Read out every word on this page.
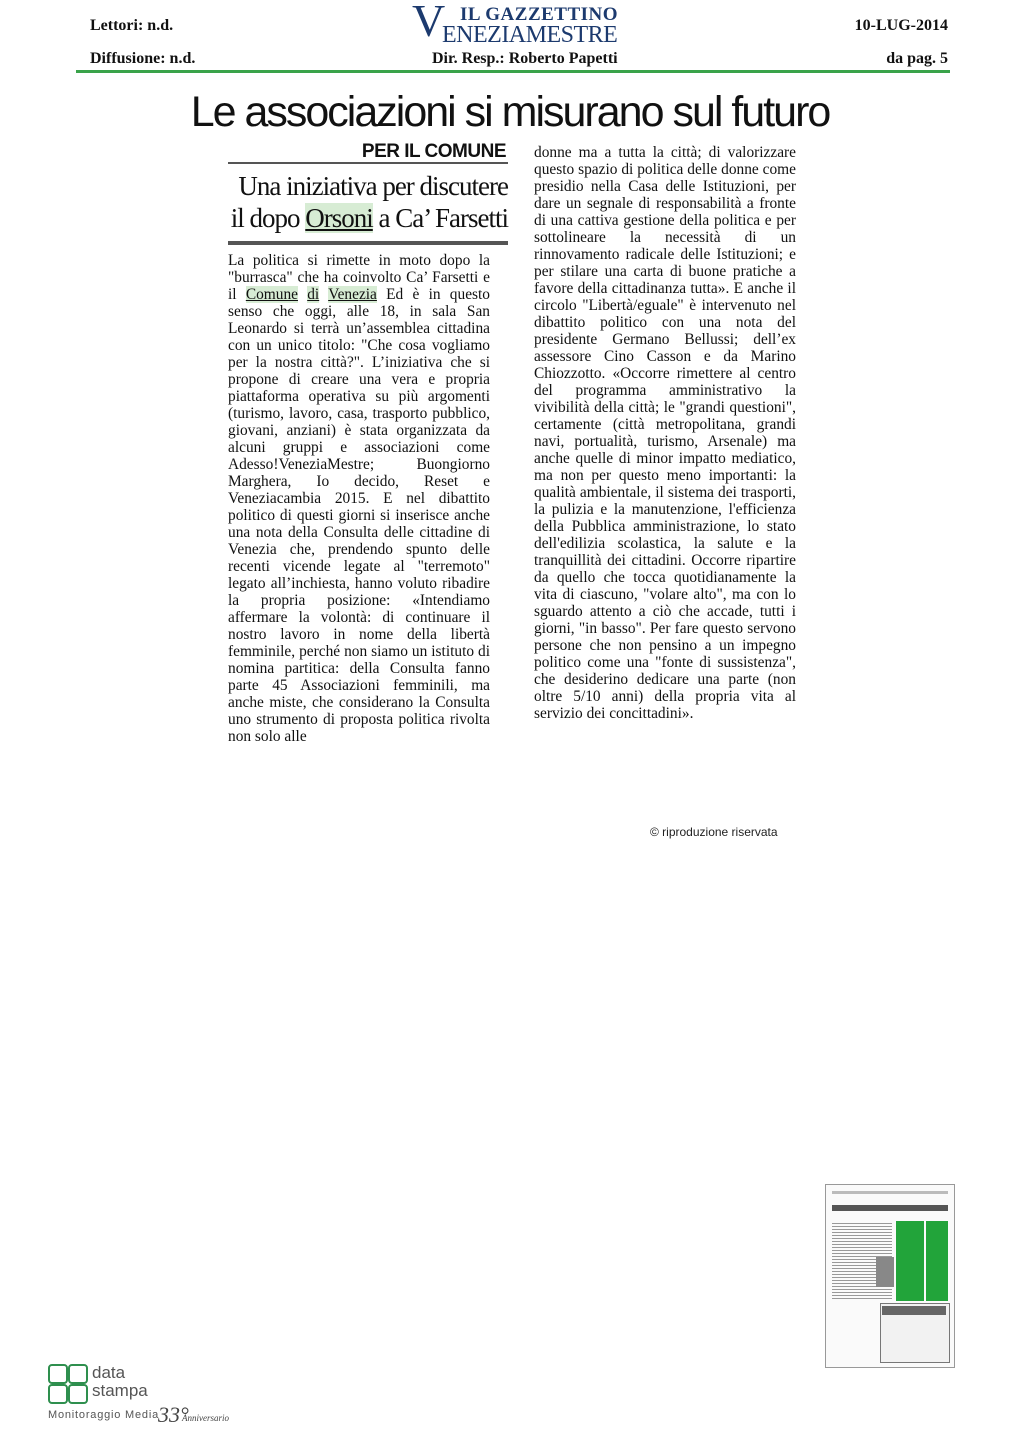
Lettori: n.d.
Diffusione: n.d.
V IL GAZZETTINO
ENEZIAMESTRE
Dir. Resp.: Roberto Papetti
10-LUG-2014
da pag. 5
Le associazioni si misurano sul futuro
PER IL COMUNE
Una iniziativa per discutere il dopo Orsoni a Ca’ Farsetti

La politica si rimette in moto dopo la "burrasca" che ha coinvolto Ca’ Farsetti e il Comune di Venezia Ed è in questo senso che oggi, alle 18, in sala San Leonardo si terrà un’assemblea cittadina con un unico titolo: "Che cosa vogliamo per la nostra città?". L’iniziativa che si propone di creare una vera e propria piattaforma operativa su più argomenti (turismo, lavoro, casa, trasporto pubblico, giovani, anziani) è stata organizzata da alcuni gruppi e associazioni come Adesso!VeneziaMestre; Buongiorno Marghera, Io decido, Reset e Veneziacambia 2015. E nel dibattito politico di questi giorni si inserisce anche una nota della Consulta delle cittadine di Venezia che, prendendo spunto delle recenti vicende legate al "terremoto" legato all’inchiesta, hanno voluto ribadire la propria posizione: «Intendiamo affermare la volontà: di continuare il nostro lavoro in nome della libertà femminile, perché non siamo un istituto di nomina partitica: della Consulta fanno parte 45 Associazioni femminili, ma anche miste, che considerano la Consulta uno strumento di proposta politica rivolta non solo alle

donne ma a tutta la città; di valorizzare questo spazio di politica delle donne come presidio nella Casa delle Istituzioni, per dare un segnale di responsabilità a fronte di una cattiva gestione della politica e per sottolineare la necessità di un rinnovamento radicale delle Istituzioni; e per stilare una carta di buone pratiche a favore della cittadinanza tutta». E anche il circolo "Libertà/eguale" è intervenuto nel dibattito politico con una nota del presidente Germano Bellussi; dell’ex assessore Cino Casson e da Marino Chiozzotto. «Occorre rimettere al centro del programma amministrativo la vivibilità della città; le "grandi questioni", certamente (città metropolitana, grandi navi, portualità, turismo, Arsenale) ma anche quelle di minor impatto mediatico, ma non per questo meno importanti: la qualità ambientale, il sistema dei trasporti, la pulizia e la manutenzione, l'efficienza della Pubblica amministrazione, lo stato dell'edilizia scolastica, la salute e la tranquillità dei cittadini. Occorre ripartire da quello che tocca quotidianamente la vita di ciascuno, "volare alto", ma con lo sguardo attento a ciò che accade, tutti i giorni, "in basso". Per fare questo servono persone che non pensino a un impegno politico come una "fonte di sussistenza", che desiderino dedicare una parte (non oltre 5/10 anni) della propria vita al servizio dei concittadini».

© riproduzione riservata
data
stampa
Monitoraggio Media
33°
Anniversario
